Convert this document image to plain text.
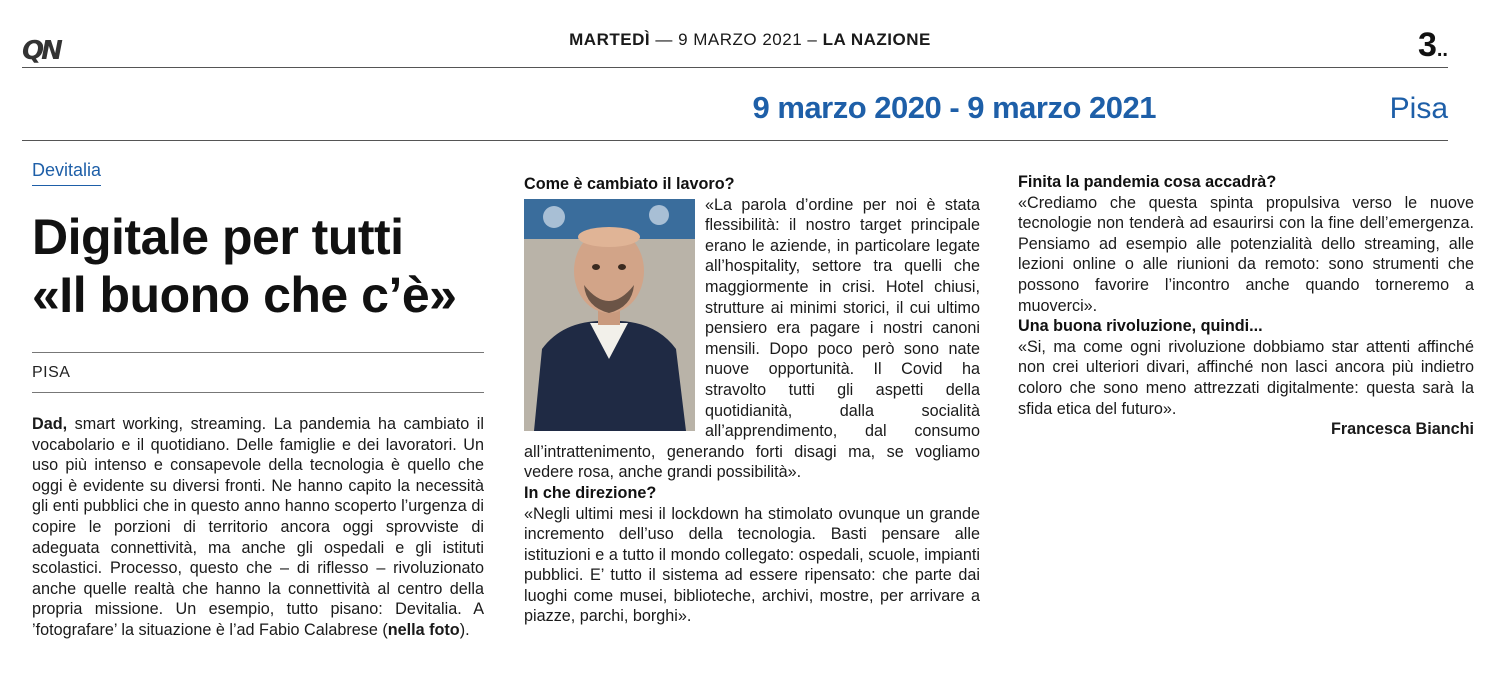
QN	MARTEDÌ — 9 MARZO 2021 – LA NAZIONE	3..
9 marzo 2020 - 9 marzo 2021	Pisa
Devitalia
Digitale per tutti
«Il buono che c’è»
PISA

Dad, smart working, streaming. La pandemia ha cambiato il vocabolario e il quotidiano. Delle famiglie e dei lavoratori. Un uso più intenso e consapevole della tecnologia è quello che oggi è evidente su diversi fronti. Ne hanno capito la necessità gli enti pubblici che in questo anno hanno scoperto l’urgenza di copire le porzioni di territorio ancora oggi sprovviste di adeguata connettività, ma anche gli ospedali e gli istituti scolastici. Processo, questo che – di riflesso – rivoluzionato anche quelle realtà che hanno la connettività al centro della propria missione. Un esempio, tutto pisano: Devitalia. A ’fotografare’ la situazione è l’ad Fabio Calabrese (nella foto).

Come è cambiato il lavoro?

«La parola d’ordine per noi è stata flessibilità: il nostro target principale erano le aziende, in particolare legate all’hospitality, settore tra quelli che maggiormente in crisi. Hotel chiusi, strutture ai minimi storici, il cui ultimo pensiero era pagare i nostri canoni mensili. Dopo poco però sono nate nuove opportunità. Il Covid ha stravolto tutti gli aspetti della quotidianità, dalla socialità all’apprendimento, dal consumo all’intrattenimento, generando forti disagi ma, se vogliamo vedere rosa, anche grandi possibilità».

In che direzione?

«Negli ultimi mesi il lockdown ha stimolato ovunque un grande incremento dell’uso della tecnologia. Basti pensare alle istituzioni e a tutto il mondo collegato: ospedali, scuole, impianti pubblici. E’ tutto il sistema ad essere ripensato: che parte dai luoghi come musei, biblioteche, archivi, mostre, per arrivare a piazze, parchi, borghi».

Finita la pandemia cosa accadrà?

«Crediamo che questa spinta propulsiva verso le nuove tecnologie non tenderà ad esaurirsi con la fine dell’emergenza. Pensiamo ad esempio alle potenzialità dello streaming, alle lezioni online o alle riunioni da remoto: sono strumenti che possono favorire l’incontro anche quando torneremo a muoverci».

Una buona rivoluzione, quindi...

«Si, ma come ogni rivoluzione dobbiamo star attenti affinché non crei ulteriori divari, affinché non lasci ancora più indietro coloro che sono meno attrezzati digitalmente: questa sarà la sfida etica del futuro».

Francesca Bianchi
